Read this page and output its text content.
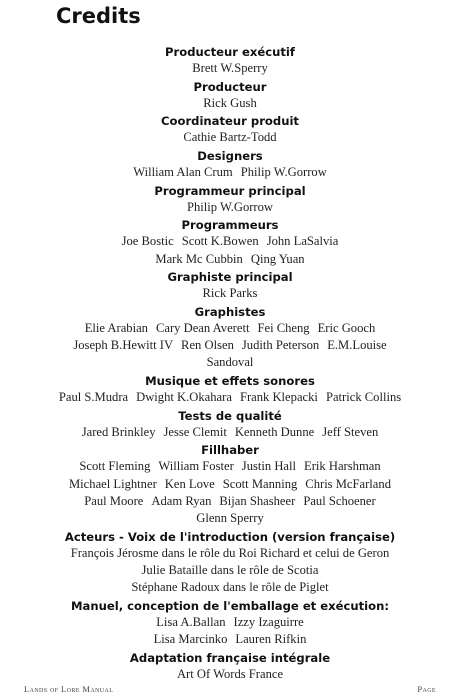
Credits
Producteur exécutif
Brett W.Sperry
Producteur
Rick Gush
Coordinateur produit
Cathie Bartz-Todd
Designers
William Alan Crum Philip W.Gorrow
Programmeur principal
Philip W.Gorrow
Programmeurs
Joe Bostic Scott K.Bowen John LaSalvia
Mark Mc Cubbin Qing Yuan
Graphiste principal
Rick Parks
Graphistes
Elie Arabian Cary Dean Averett Fei Cheng Eric Gooch
Joseph B.Hewitt IV Ren Olsen Judith Peterson E.M.Louise
Sandoval
Musique et effets sonores
Paul S.Mudra Dwight K.Okahara Frank Klepacki Patrick Collins
Tests de qualité
Jared Brinkley Jesse Clemit Kenneth Dunne Jeff Steven
Fillhaber
Scott Fleming William Foster Justin Hall Erik Harshman
Michael Lightner Ken Love Scott Manning Chris McFarland
Paul Moore Adam Ryan Bijan Shasheer Paul Schoener
Glenn Sperry
Acteurs - Voix de l'introduction (version française)
François Jérosme dans le rôle du Roi Richard et celui de Geron
Julie Bataille dans le rôle de Scotia
Stéphane Radoux dans le rôle de Piglet
Manuel, conception de l'emballage et exécution:
Lisa A.Ballan Izzy Izaguirre
Lisa Marcinko Lauren Rifkin
Adaptation française intégrale
Art Of Words France
Lands of Lore Manual	Page
